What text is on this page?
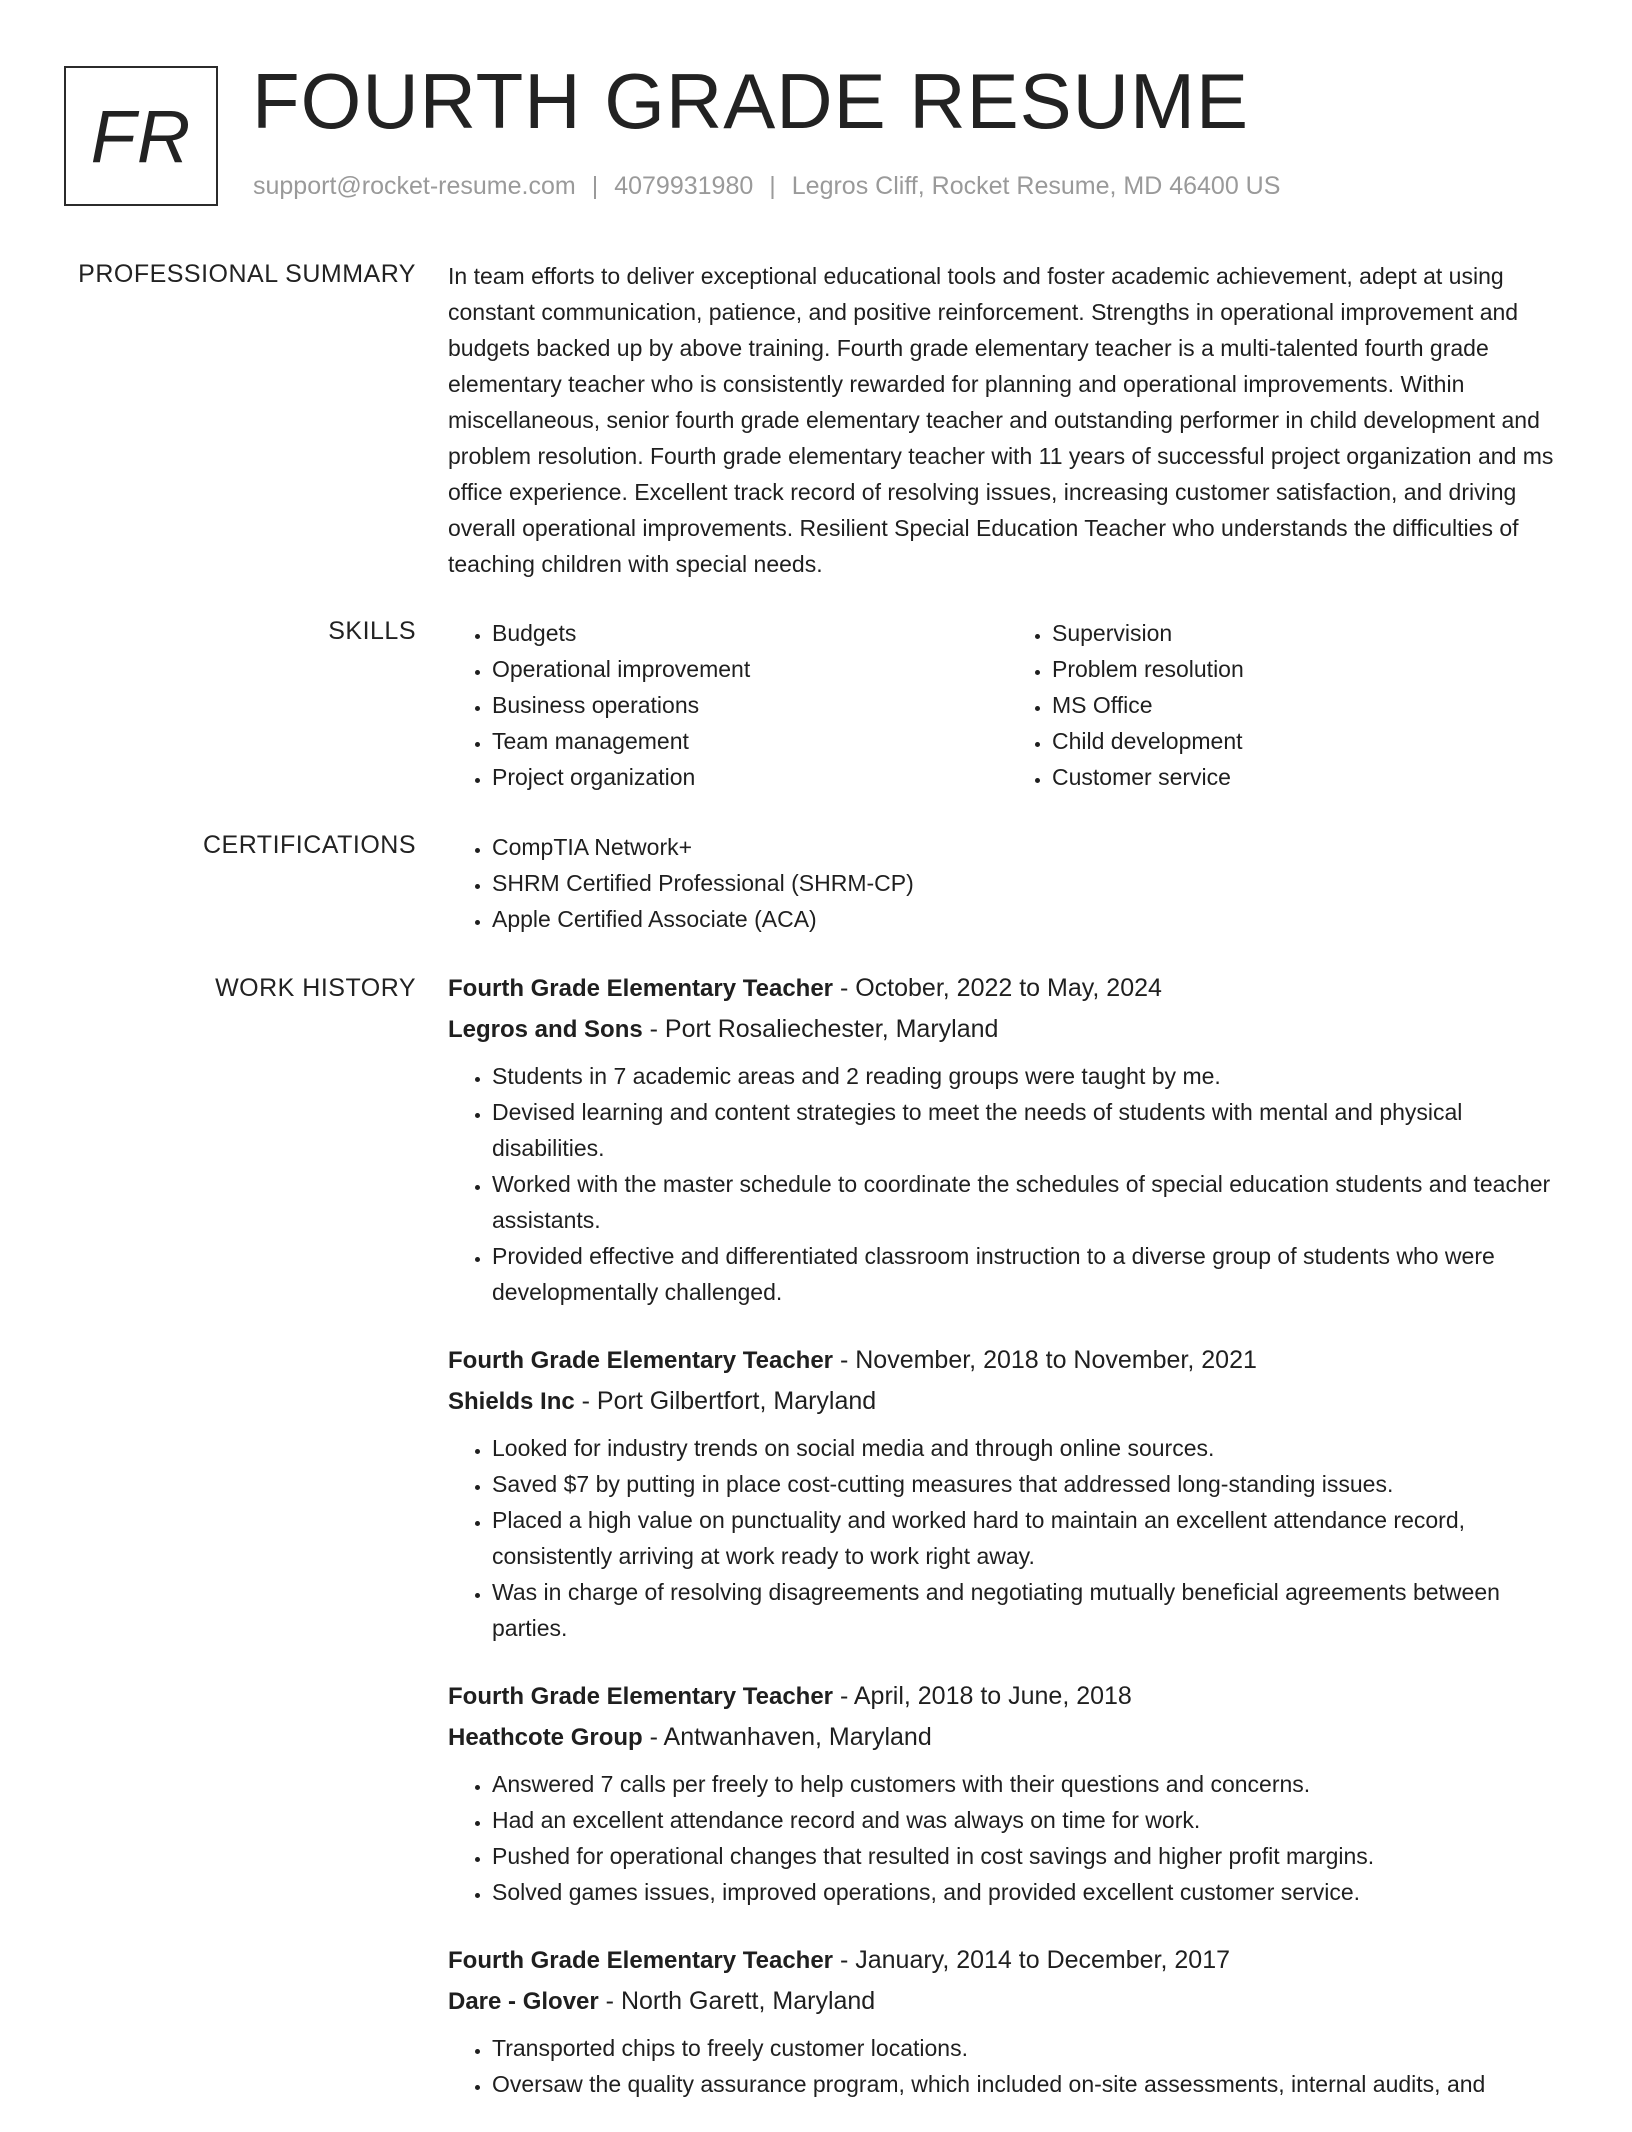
FR FOURTH GRADE RESUME
support@rocket-resume.com | 4079931980 | Legros Cliff, Rocket Resume, MD 46400 US
PROFESSIONAL SUMMARY In team efforts to deliver exceptional educational tools and foster academic achievement, adept at using constant communication, patience, and positive reinforcement. Strengths in operational improvement and budgets backed up by above training. Fourth grade elementary teacher is a multi-talented fourth grade elementary teacher who is consistently rewarded for planning and operational improvements. Within miscellaneous, senior fourth grade elementary teacher and outstanding performer in child development and problem resolution. Fourth grade elementary teacher with 11 years of successful project organization and ms office experience. Excellent track record of resolving issues, increasing customer satisfaction, and driving overall operational improvements. Resilient Special Education Teacher who understands the difficulties of teaching children with special needs.

SKILLS	• Budgets
• Operational improvement
• Business operations
• Team management
• Project organization
• Supervision
• Problem resolution
• MS Office
• Child development
• Customer service
CERTIFICATIONS	• CompTIA Network+
• SHRM Certified Professional (SHRM-CP)
• Apple Certified Associate (ACA)
WORK HISTORY Fourth Grade Elementary Teacher - October, 2022 to May, 2024
Legros and Sons - Port Rosaliechester, Maryland
• Students in 7 academic areas and 2 reading groups were taught by me.
• Devised learning and content strategies to meet the needs of students with mental and physical disabilities.
• Worked with the master schedule to coordinate the schedules of special education students and teacher assistants.
• Provided effective and differentiated classroom instruction to a diverse group of students who were developmentally challenged.
Fourth Grade Elementary Teacher - November, 2018 to November, 2021
Shields Inc - Port Gilbertfort, Maryland
• Looked for industry trends on social media and through online sources.
• Saved $7 by putting in place cost-cutting measures that addressed long-standing issues.
• Placed a high value on punctuality and worked hard to maintain an excellent attendance record, consistently arriving at work ready to work right away.
• Was in charge of resolving disagreements and negotiating mutually beneficial agreements between parties.
Fourth Grade Elementary Teacher - April, 2018 to June, 2018
Heathcote Group - Antwanhaven, Maryland
• Answered 7 calls per freely to help customers with their questions and concerns.
• Had an excellent attendance record and was always on time for work.
• Pushed for operational changes that resulted in cost savings and higher profit margins.
• Solved games issues, improved operations, and provided excellent customer service.
Fourth Grade Elementary Teacher - January, 2014 to December, 2017
Dare - Glover - North Garett, Maryland
• Transported chips to freely customer locations.
• Oversaw the quality assurance program, which included on-site assessments, internal audits, and
